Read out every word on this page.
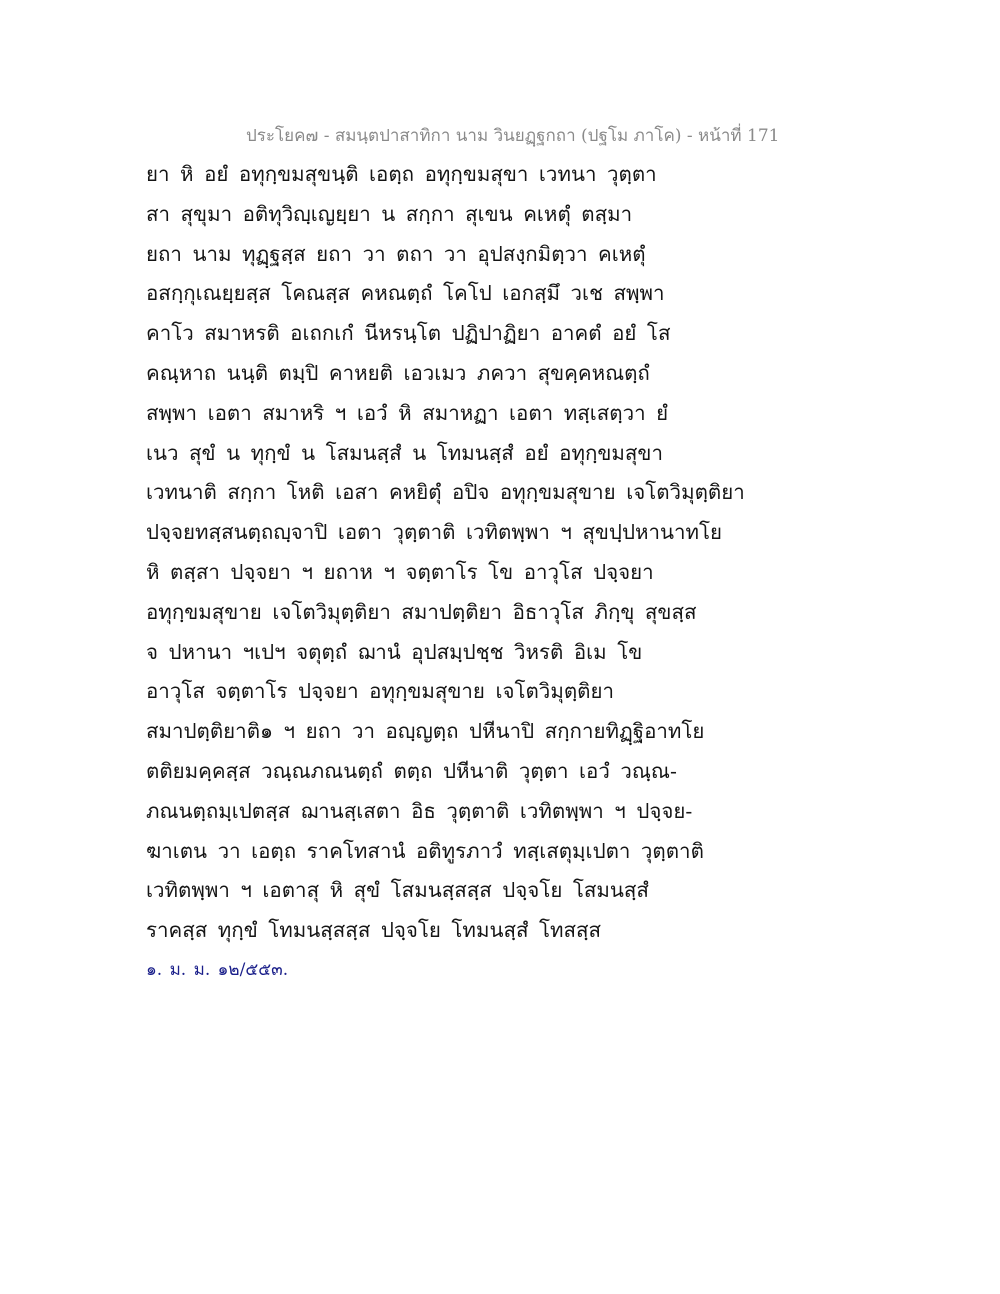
ประโยค๗ - สมนฺตปาสาทิกา นาม วินยฏฺฐกถา (ปฐโม ภาโค) - หน้าที่ 171
ยา หิ อยํ อทุกฺขมสุขนฺติ เอตฺถ อทุกฺขมสุขา เวทนา วุตฺตา
สา สุขุมา อติทุวิญฺเญยฺยา น สกฺกา สุเขน คเหตุํ ตสฺมา
ยถา นาม ทุฏฺฐสฺส ยถา วา ตถา วา อุปสงฺกมิตฺวา คเหตุํ
อสกฺกุเณยฺยสฺส โคณสฺส คหณตฺถํ โคโป เอกสฺมึ วเช สพฺพา
คาโว สมาหรติ อเถกเกํ นีหรนฺโต ปฏิปาฏิยา อาคตํ อยํ โส
คณฺหาถ นนฺติ ตมฺปิ คาหยติ เอวเมว ภควา สุขคฺคหณตฺถํ
สพฺพา เอตา สมาหริ ฯ เอวํ หิ สมาหฏา เอตา ทสฺเสตฺวา ยํ
เนว สุขํ น ทุกฺขํ น โสมนสฺสํ น โทมนสฺสํ อยํ อทุกฺขมสุขา
เวทนาติ สกฺกา โหติ เอสา คหยิตุํ อปิจ อทุกฺขมสุขาย เจโตวิมุตฺติยา
ปจฺจยทสฺสนตฺถญฺจาปิ เอตา วุตฺตาติ เวทิตพฺพา ฯ สุขปฺปหานาทโย
หิ ตสฺสา ปจฺจยา ฯ ยถาห ฯ จตฺตาโร โข อาวุโส ปจฺจยา
อทุกฺขมสุขาย เจโตวิมุตฺติยา สมาปตฺติยา อิธาวุโส ภิกฺขุ สุขสฺส
จ ปหานา ฯเปฯ จตุตฺถํ ฌานํ อุปสมฺปชฺช วิหรติ อิเม โข
อาวุโส จตฺตาโร ปจฺจยา อทุกฺขมสุขาย เจโตวิมุตฺติยา
สมาปตฺติยาติ๑ ฯ ยถา วา อญฺญตฺถ ปหีนาปิ สกฺกายทิฏฺฐิอาทโย
ตติยมคฺคสฺส วณฺณภณนตฺถํ ตตฺถ ปหีนาติ วุตฺตา เอวํ วณฺณ-
ภณนตฺถมฺเปตสฺส ฌานสฺเสตา อิธ วุตฺตาติ เวทิตพฺพา ฯ ปจฺจย-
ฆาเตน วา เอตฺถ ราคโทสานํ อติทูรภาวํ ทสฺเสตุมฺเปตา วุตฺตาติ
เวทิตพฺพา ฯ เอตาสุ หิ สุขํ โสมนสฺสสฺส ปจฺจโย โสมนสฺสํ
ราคสฺส ทุกฺขํ โทมนสฺสสฺส ปจฺจโย โทมนสฺสํ โทสสฺส
๑. ม. ม. ๑๒/๕๕๓.
